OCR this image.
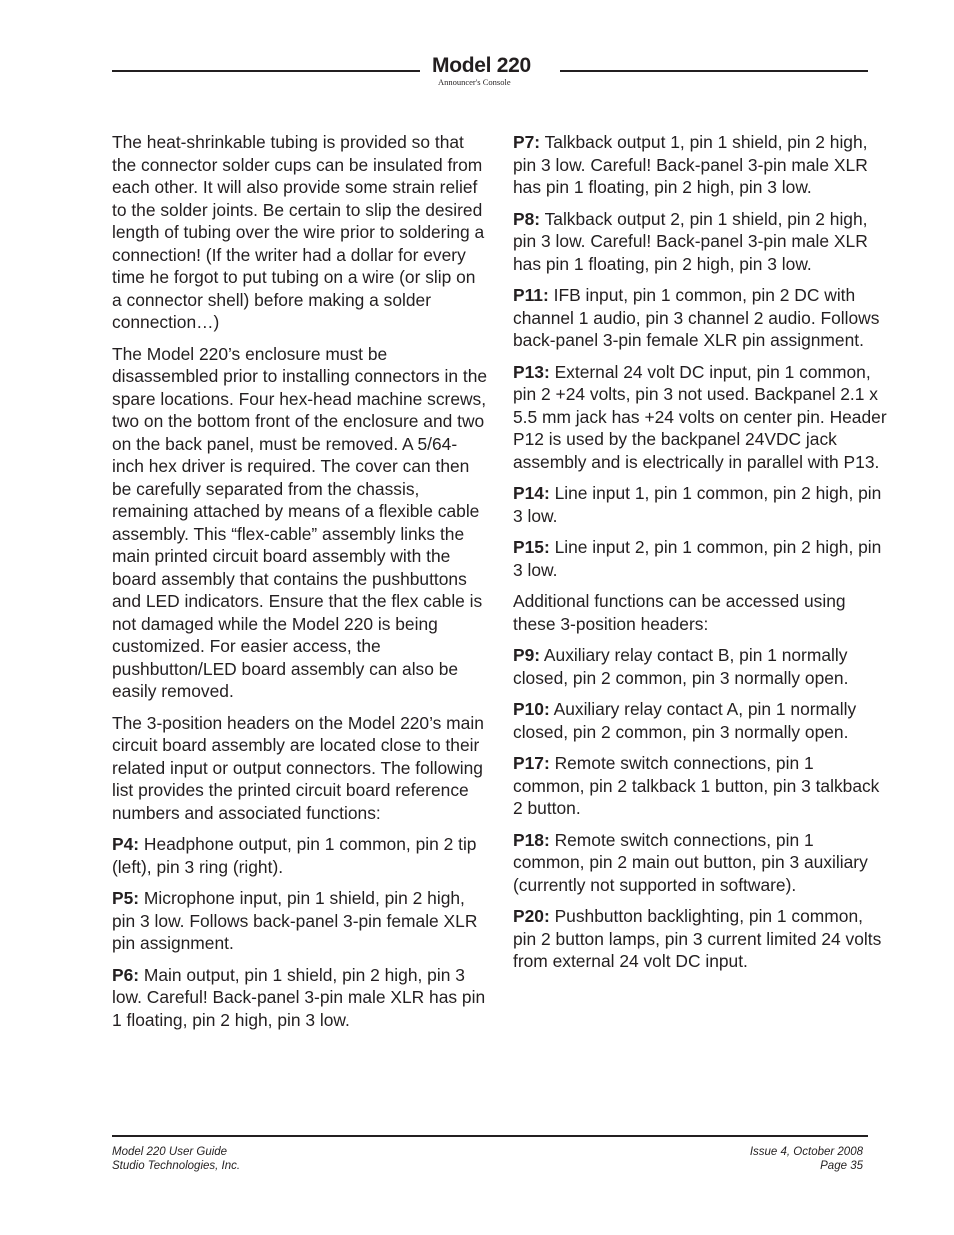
Model 220
Announcer's Console

The heat-shrinkable tubing is provided so that the connector solder cups can be insulated from each other. It will also provide some strain relief to the solder joints. Be certain to slip the desired length of tubing over the wire prior to soldering a connection! (If the writer had a dollar for every time he forgot to put tubing on a wire (or slip on a connector shell) before making a solder connection…)

The Model 220’s enclosure must be disassembled prior to installing connectors in the spare locations. Four hex-head machine screws, two on the bottom front of the enclosure and two on the back panel, must be removed. A 5/64-inch hex driver is required. The cover can then be carefully separated from the chassis, remaining attached by means of a flexible cable assembly. This “flex-cable” assembly links the main printed circuit board assembly with the board assembly that contains the pushbuttons and LED indicators. Ensure that the flex cable is not damaged while the Model 220 is being customized. For easier access, the pushbutton/LED board assembly can also be easily removed.

The 3-position headers on the Model 220’s main circuit board assembly are located close to their related input or output connectors. The following list provides the printed circuit board reference numbers and associated functions:

P4: Headphone output, pin 1 common, pin 2 tip (left), pin 3 ring (right).

P5: Microphone input, pin 1 shield, pin 2 high, pin 3 low. Follows back-panel 3-pin female XLR pin assignment.

P6: Main output, pin 1 shield, pin 2 high, pin 3 low. Careful! Back-panel 3-pin male XLR has pin 1 floating, pin 2 high, pin 3 low.

P7: Talkback output 1, pin 1 shield, pin 2 high, pin 3 low. Careful! Back-panel 3-pin male XLR has pin 1 floating, pin 2 high, pin 3 low.

P8: Talkback output 2, pin 1 shield, pin 2 high, pin 3 low. Careful! Back-panel 3-pin male XLR has pin 1 floating, pin 2 high, pin 3 low.

P11: IFB input, pin 1 common, pin 2 DC with channel 1 audio, pin 3 channel 2 audio. Follows back-panel 3-pin female XLR pin assignment.

P13: External 24 volt DC input, pin 1 common, pin 2 +24 volts, pin 3 not used. Backpanel 2.1 x 5.5 mm jack has +24 volts on center pin. Header P12 is used by the backpanel 24VDC jack assembly and is electrically in parallel with P13.

P14: Line input 1, pin 1 common, pin 2 high, pin 3 low.

P15: Line input 2, pin 1 common, pin 2 high, pin 3 low.

Additional functions can be accessed using these 3-position headers:

P9: Auxiliary relay contact B, pin 1 normally closed, pin 2 common, pin 3 normally open.

P10: Auxiliary relay contact A, pin 1 normally closed, pin 2 common, pin 3 normally open.

P17: Remote switch connections, pin 1 common, pin 2 talkback 1 button, pin 3 talkback 2 button.

P18: Remote switch connections, pin 1 common, pin 2 main out button, pin 3 auxiliary (currently not supported in software).

P20: Pushbutton backlighting, pin 1 common, pin 2 button lamps, pin 3 current limited 24 volts from external 24 volt DC input.

Model 220 User Guide
Studio Technologies, Inc.
Issue 4, October 2008
Page 35
